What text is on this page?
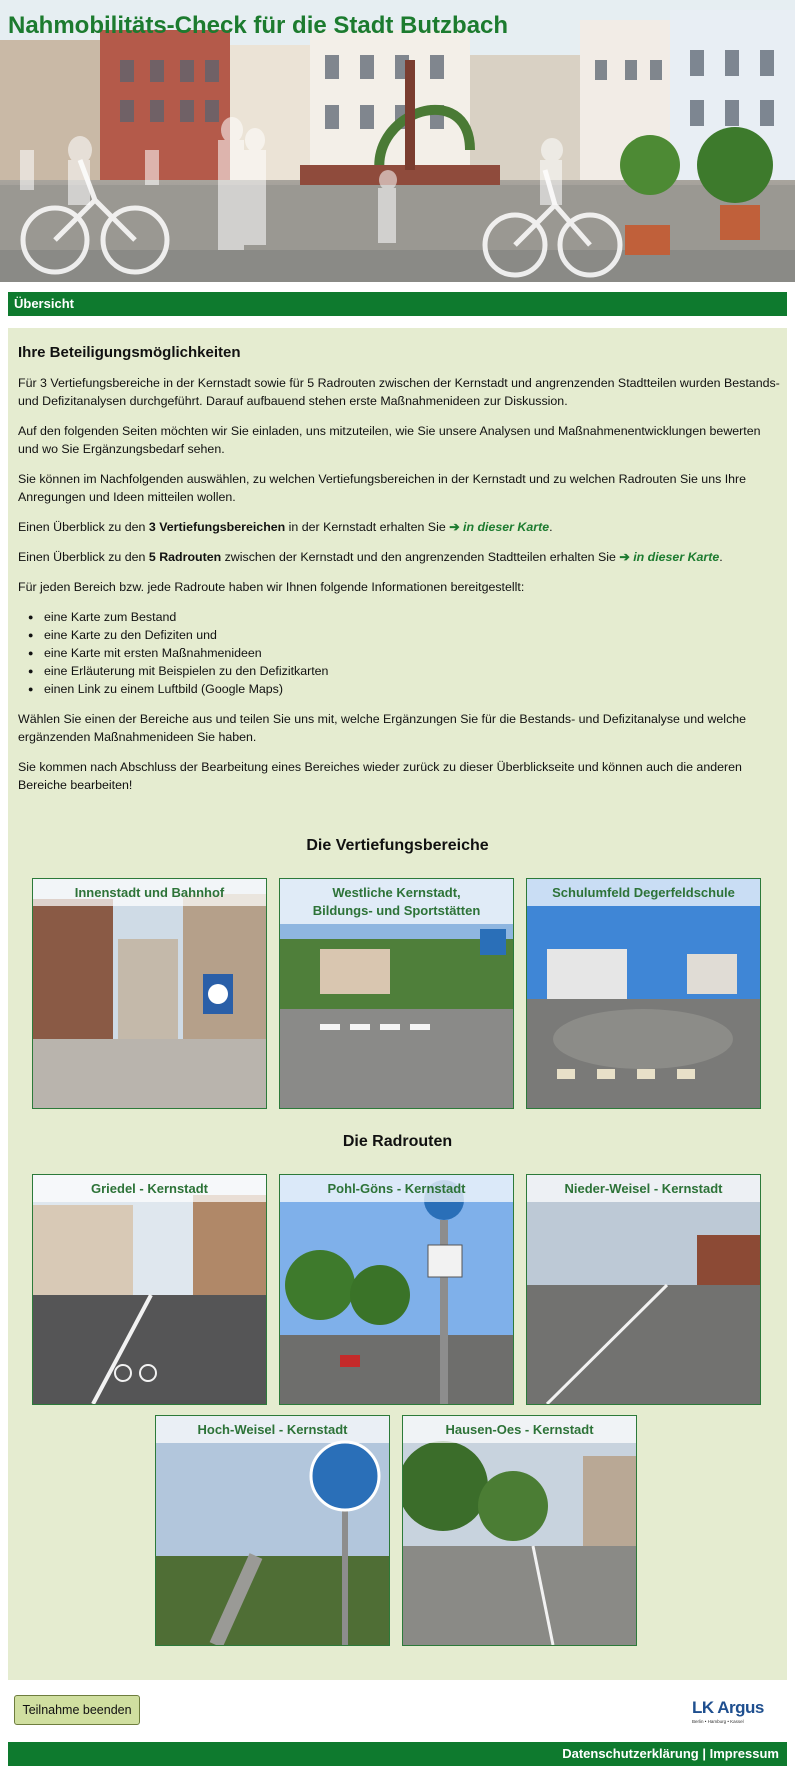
Nahmobilitäts-Check für die Stadt Butzbach
Übersicht
Ihre Beteiligungsmöglichkeiten

Für 3 Vertiefungsbereiche in der Kernstadt sowie für 5 Radrouten zwischen der Kernstadt und angrenzenden Stadtteilen wurden Bestands- und Defizitanalysen durchgeführt. Darauf aufbauend stehen erste Maßnahmenideen zur Diskussion.

Auf den folgenden Seiten möchten wir Sie einladen, uns mitzuteilen, wie Sie unsere Analysen und Maßnahmenentwicklungen bewerten und wo Sie Ergänzungsbedarf sehen.

Sie können im Nachfolgenden auswählen, zu welchen Vertiefungsbereichen in der Kernstadt und zu welchen Radrouten Sie uns Ihre Anregungen und Ideen mitteilen wollen.

Einen Überblick zu den 3 Vertiefungsbereichen in der Kernstadt erhalten Sie ➔ in dieser Karte.

Einen Überblick zu den 5 Radrouten zwischen der Kernstadt und den angrenzenden Stadtteilen erhalten Sie ➔ in dieser Karte.

Für jeden Bereich bzw. jede Radroute haben wir Ihnen folgende Informationen bereitgestellt:

● eine Karte zum Bestand
● eine Karte zu den Defiziten und
● eine Karte mit ersten Maßnahmenideen
● eine Erläuterung mit Beispielen zu den Defizitkarten
● einen Link zu einem Luftbild (Google Maps)

Wählen Sie einen der Bereiche aus und teilen Sie uns mit, welche Ergänzungen Sie für die Bestands- und Defizitanalyse und welche ergänzenden Maßnahmenideen Sie haben.

Sie kommen nach Abschluss der Bearbeitung eines Bereiches wieder zurück zu dieser Überblickseite und können auch die anderen Bereiche bearbeiten!

Die Vertiefungsbereiche
Innenstadt und Bahnhof	Westliche Kernstadt,
Bildungs- und Sportstätten
Schulumfeld Degerfeldschule
Die Radrouten
Griedel - Kernstadt	Pohl-Göns - Kernstadt	Nieder-Weisel - Kernstadt
Hoch-Weisel - Kernstadt	Hausen-Oes - Kernstadt
Teilnahme beenden	LK Argus
Berlin • Hamburg • Kassel
Datenschutzerklärung | Impressum
